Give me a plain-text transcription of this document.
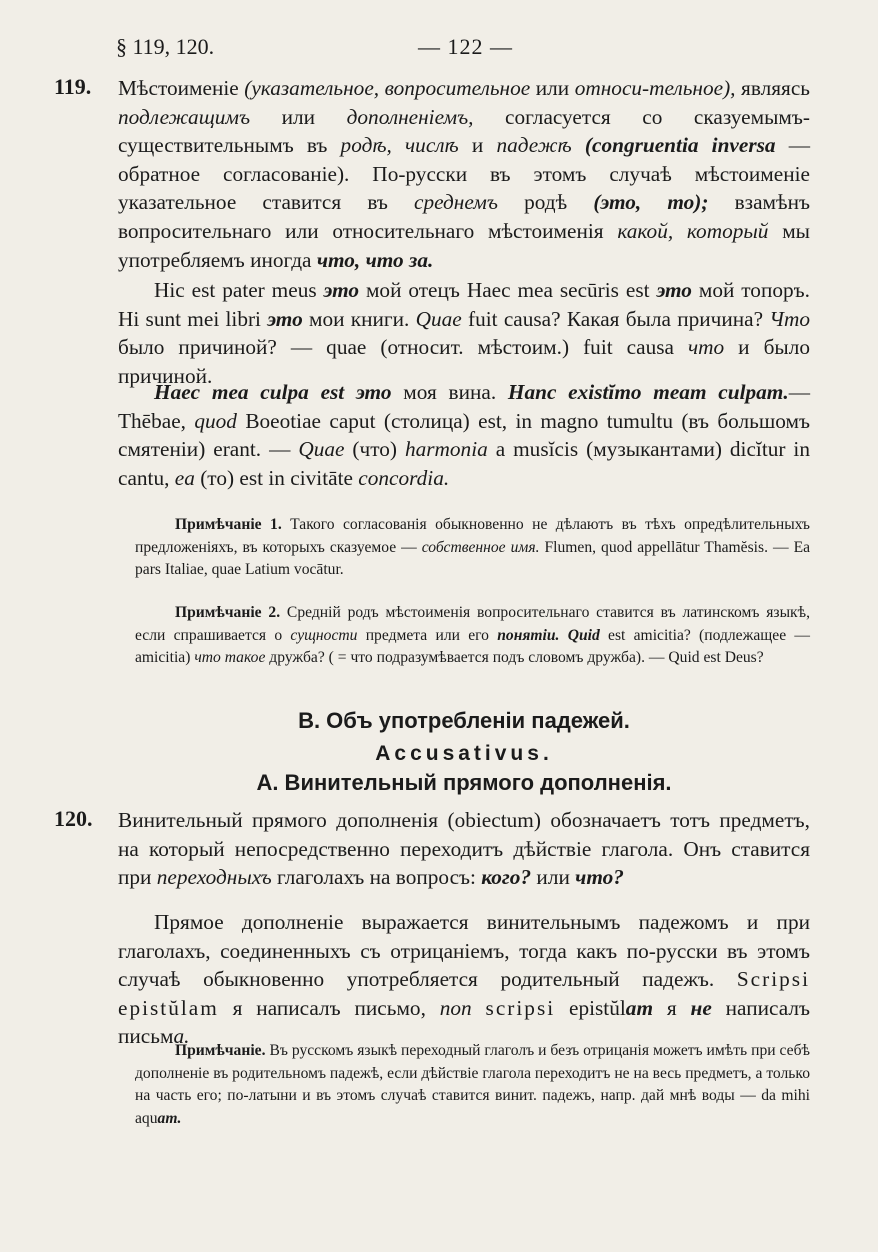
§ 119, 120.	— 122 —
119. Мѣстоименіе (указательное, вопросительное или относи-тельное), являясь подлежащимъ или дополненіемъ, согласуется со сказуемымъ-существительнымъ въ родѣ, числѣ и падежѣ (congruentia inversa — обратное согласованіе). По-русски въ этомъ случаѣ мѣстоименіе указательное ставится въ среднемъ родѣ (это, то); взамѣнъ вопросительнаго или относительнаго мѣстоименія какой, который мы употребляемъ иногда что, что за.

Hic est pater meus это мой отецъ Haec mea secūris est это мой топоръ. Hi sunt mei libri это мои книги. Quae fuit causa? Какая была причина? Что было причиной? — quae (относит. мѣстоим.) fuit causa что и было причиной.

Haec mea culpa est это моя вина. Hanc existĭmo meam culpam.—Thēbae, quod Boeotiae caput (столица) est, in magno tumultu (въ большомъ смятеніи) erant. — Quae (что) harmonia a musĭcis (музыкантами) dicĭtur in cantu, ea (то) est in civitāte concordia.

Примѣчаніе 1. Такого согласованія обыкновенно не дѣлаютъ въ тѣхъ опредѣлительныхъ предложеніяхъ, въ которыхъ сказуемое — собственное имя. Flumen, quod appellātur Thamĕsis. — Ea pars Italiae, quae Latium vocātur.

Примѣчаніе 2. Средній родъ мѣстоименія вопросительнаго ставится въ латинскомъ языкѣ, если спрашивается о сущности предмета или его понятіи. Quid est amicitia? (подлежащее — amicitia) что такое дружба? ( = что подразумѣвается подъ словомъ дружба). — Quid est Deus?

B. Объ употребленіи падежей.
Accusativus.
А. Винительный прямого дополненія.
120. Винительный прямого дополненія (obiectum) обозначаетъ тотъ предметъ, на который непосредственно переходитъ дѣйствіе глагола. Онъ ставится при переходныхъ глаголахъ на вопросъ: кого? или что?

Прямое дополненіе выражается винительнымъ падежомъ и при глаголахъ, соединенныхъ съ отрицаніемъ, тогда какъ по-русски въ этомъ случаѣ обыкновенно употребляется родительный падежъ. Scripsi epistŭlam я написалъ письмо, non scripsi epistŭlam я не написалъ письма.

Примѣчаніе. Въ русскомъ языкѣ переходный глаголъ и безъ отрицанія можетъ имѣть при себѣ дополненіе въ родительномъ падежѣ, если дѣйствіе глагола переходитъ не на весь предметъ, а только на часть его; по-латыни и въ этомъ случаѣ ставится винит. падежъ, напр. дай мнѣ воды — da mihi aquam.
